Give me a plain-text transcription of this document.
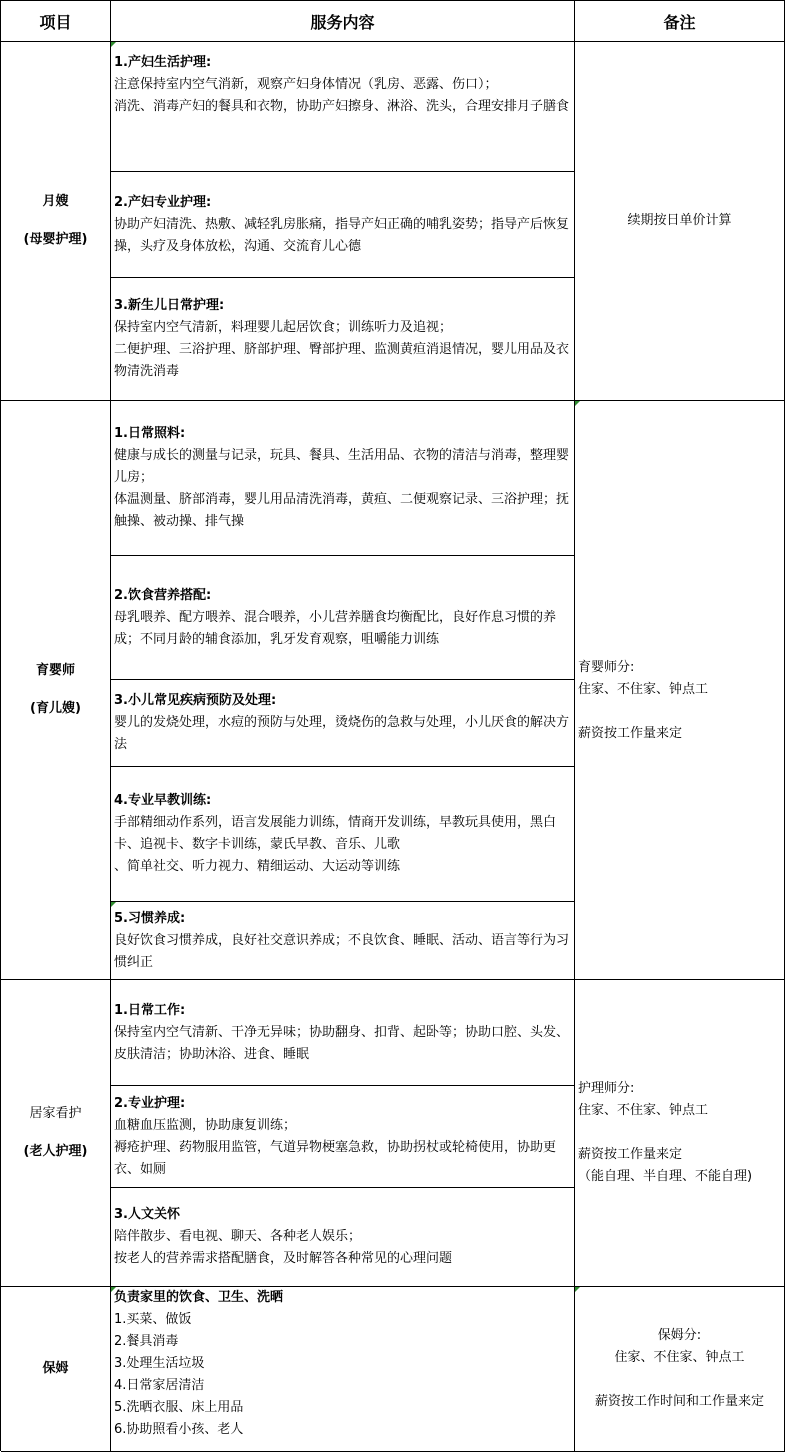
项目	服务内容	备注
月嫂
(母婴护理)
1.产妇生活护理:
注意保持室内空气消新，观察产妇身体情况（乳房、恶露、伤口）；
消洗、消毒产妇的餐具和衣物，协助产妇擦身、淋浴、洗头，合理安排月子膳食
2.产妇专业护理:
协助产妇清洗、热敷、减轻乳房胀痛，指导产妇正确的哺乳姿势；指导产后恢复操，头疗及身体放松，沟通、交流育儿心德
3.新生儿日常护理:
保持室内空气清新，料理婴儿起居饮食；训练听力及追视；
二便护理、三浴护理、脐部护理、臀部护理、监测黄疸消退情况，婴儿用品及衣物清洗消毒
续期按日单价计算
育婴师
(育儿嫂)
1.日常照料:
健康与成长的测量与记录，玩具、餐具、生活用品、衣物的清洁与消毒，整理婴儿房；
体温测量、脐部消毒，婴儿用品清洗消毒，黄疸、二便观察记录、三浴护理；抚触操、被动操、排气操
2.饮食营养搭配:
母乳喂养、配方喂养、混合喂养，小儿营养膳食均衡配比，良好作息习惯的养成；不同月龄的辅食添加，乳牙发育观察，咀嚼能力训练
3.小儿常见疾病预防及处理:
婴儿的发烧处理，水痘的预防与处理，烫烧伤的急救与处理，小儿厌食的解决方法
4.专业早教训练:
手部精细动作系列，语言发展能力训练，情商开发训练，早教玩具使用，黑白卡、追视卡、数字卡训练，蒙氏早教、音乐、儿歌
、简单社交、听力视力、精细运动、大运动等训练
5.习惯养成:
良好饮食习惯养成，良好社交意识养成；不良饮食、睡眠、活动、语言等行为习惯纠正
育婴师分:
住家、不住家、钟点工

薪资按工作量来定
居家看护
(老人护理)
1.日常工作:
保持室内空气清新、干净无异味；协助翻身、扣背、起卧等；协助口腔、头发、皮肤清洁；协助沐浴、进食、睡眠
2.专业护理:
血糖血压监测，协助康复训练；
褥疮护理、药物服用监管，气道异物梗塞急救，协助拐杖或轮椅使用，协助更衣、如厕
3.人文关怀
陪伴散步、看电视、聊天、各种老人娱乐；
按老人的营养需求搭配膳食，及时解答各种常见的心理问题
护理师分:
住家、不住家、钟点工

薪资按工作量来定
（能自理、半自理、不能自理)
保姆
负责家里的饮食、卫生、洗晒
1.买菜、做饭
2.餐具消毒
3.处理生活垃圾
4.日常家居清洁
5.洗晒衣服、床上用品
6.协助照看小孩、老人
保姆分:
住家、不住家、钟点工

薪资按工作时间和工作量来定
